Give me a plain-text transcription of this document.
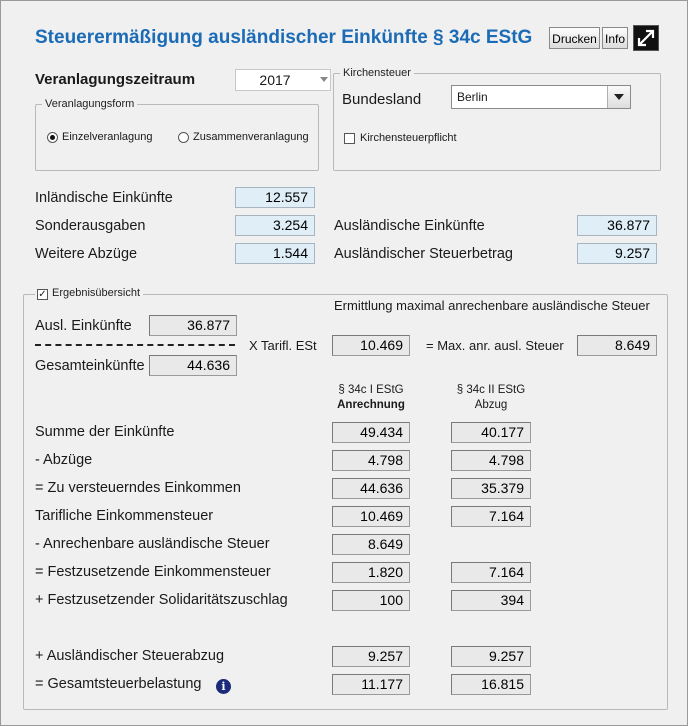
Steuerermäßigung ausländischer Einkünfte § 34c EStG Drucken Info
Veranlagungszeitraum	2017
Veranlagungsform
Einzelveranlagung	Zusammenveranlagung
Kirchensteuer
Bundesland	Berlin
Kirchensteuerpflicht
Inländische Einkünfte	12.557
Sonderausgaben	3.254
Weitere Abzüge	1.544
Ausländische Einkünfte	36.877
Ausländischer Steuerbetrag	9.257
✓ Ergebnisübersicht
Ermittlung maximal anrechenbare ausländische Steuer
Ausl. Einkünfte	36.877
X Tarifl. ESt	10.469	= Max. anr. ausl. Steuer	8.649
Gesamteinkünfte	44.636
§ 34c I EStG
Anrechnung
§ 34c II EStG
Abzug
Summe der Einkünfte	49.434	40.177
- Abzüge	4.798	4.798
= Zu versteuerndes Einkommen	44.636	35.379
Tarifliche Einkommensteuer	10.469	7.164
- Anrechenbare ausländische Steuer	8.649
= Festzusetzende Einkommensteuer	1.820	7.164
+ Festzusetzender Solidaritätszuschlag	100	394
+ Ausländischer Steuerabzug	9.257	9.257
= Gesamtsteuerbelastung	i	11.177	16.815
